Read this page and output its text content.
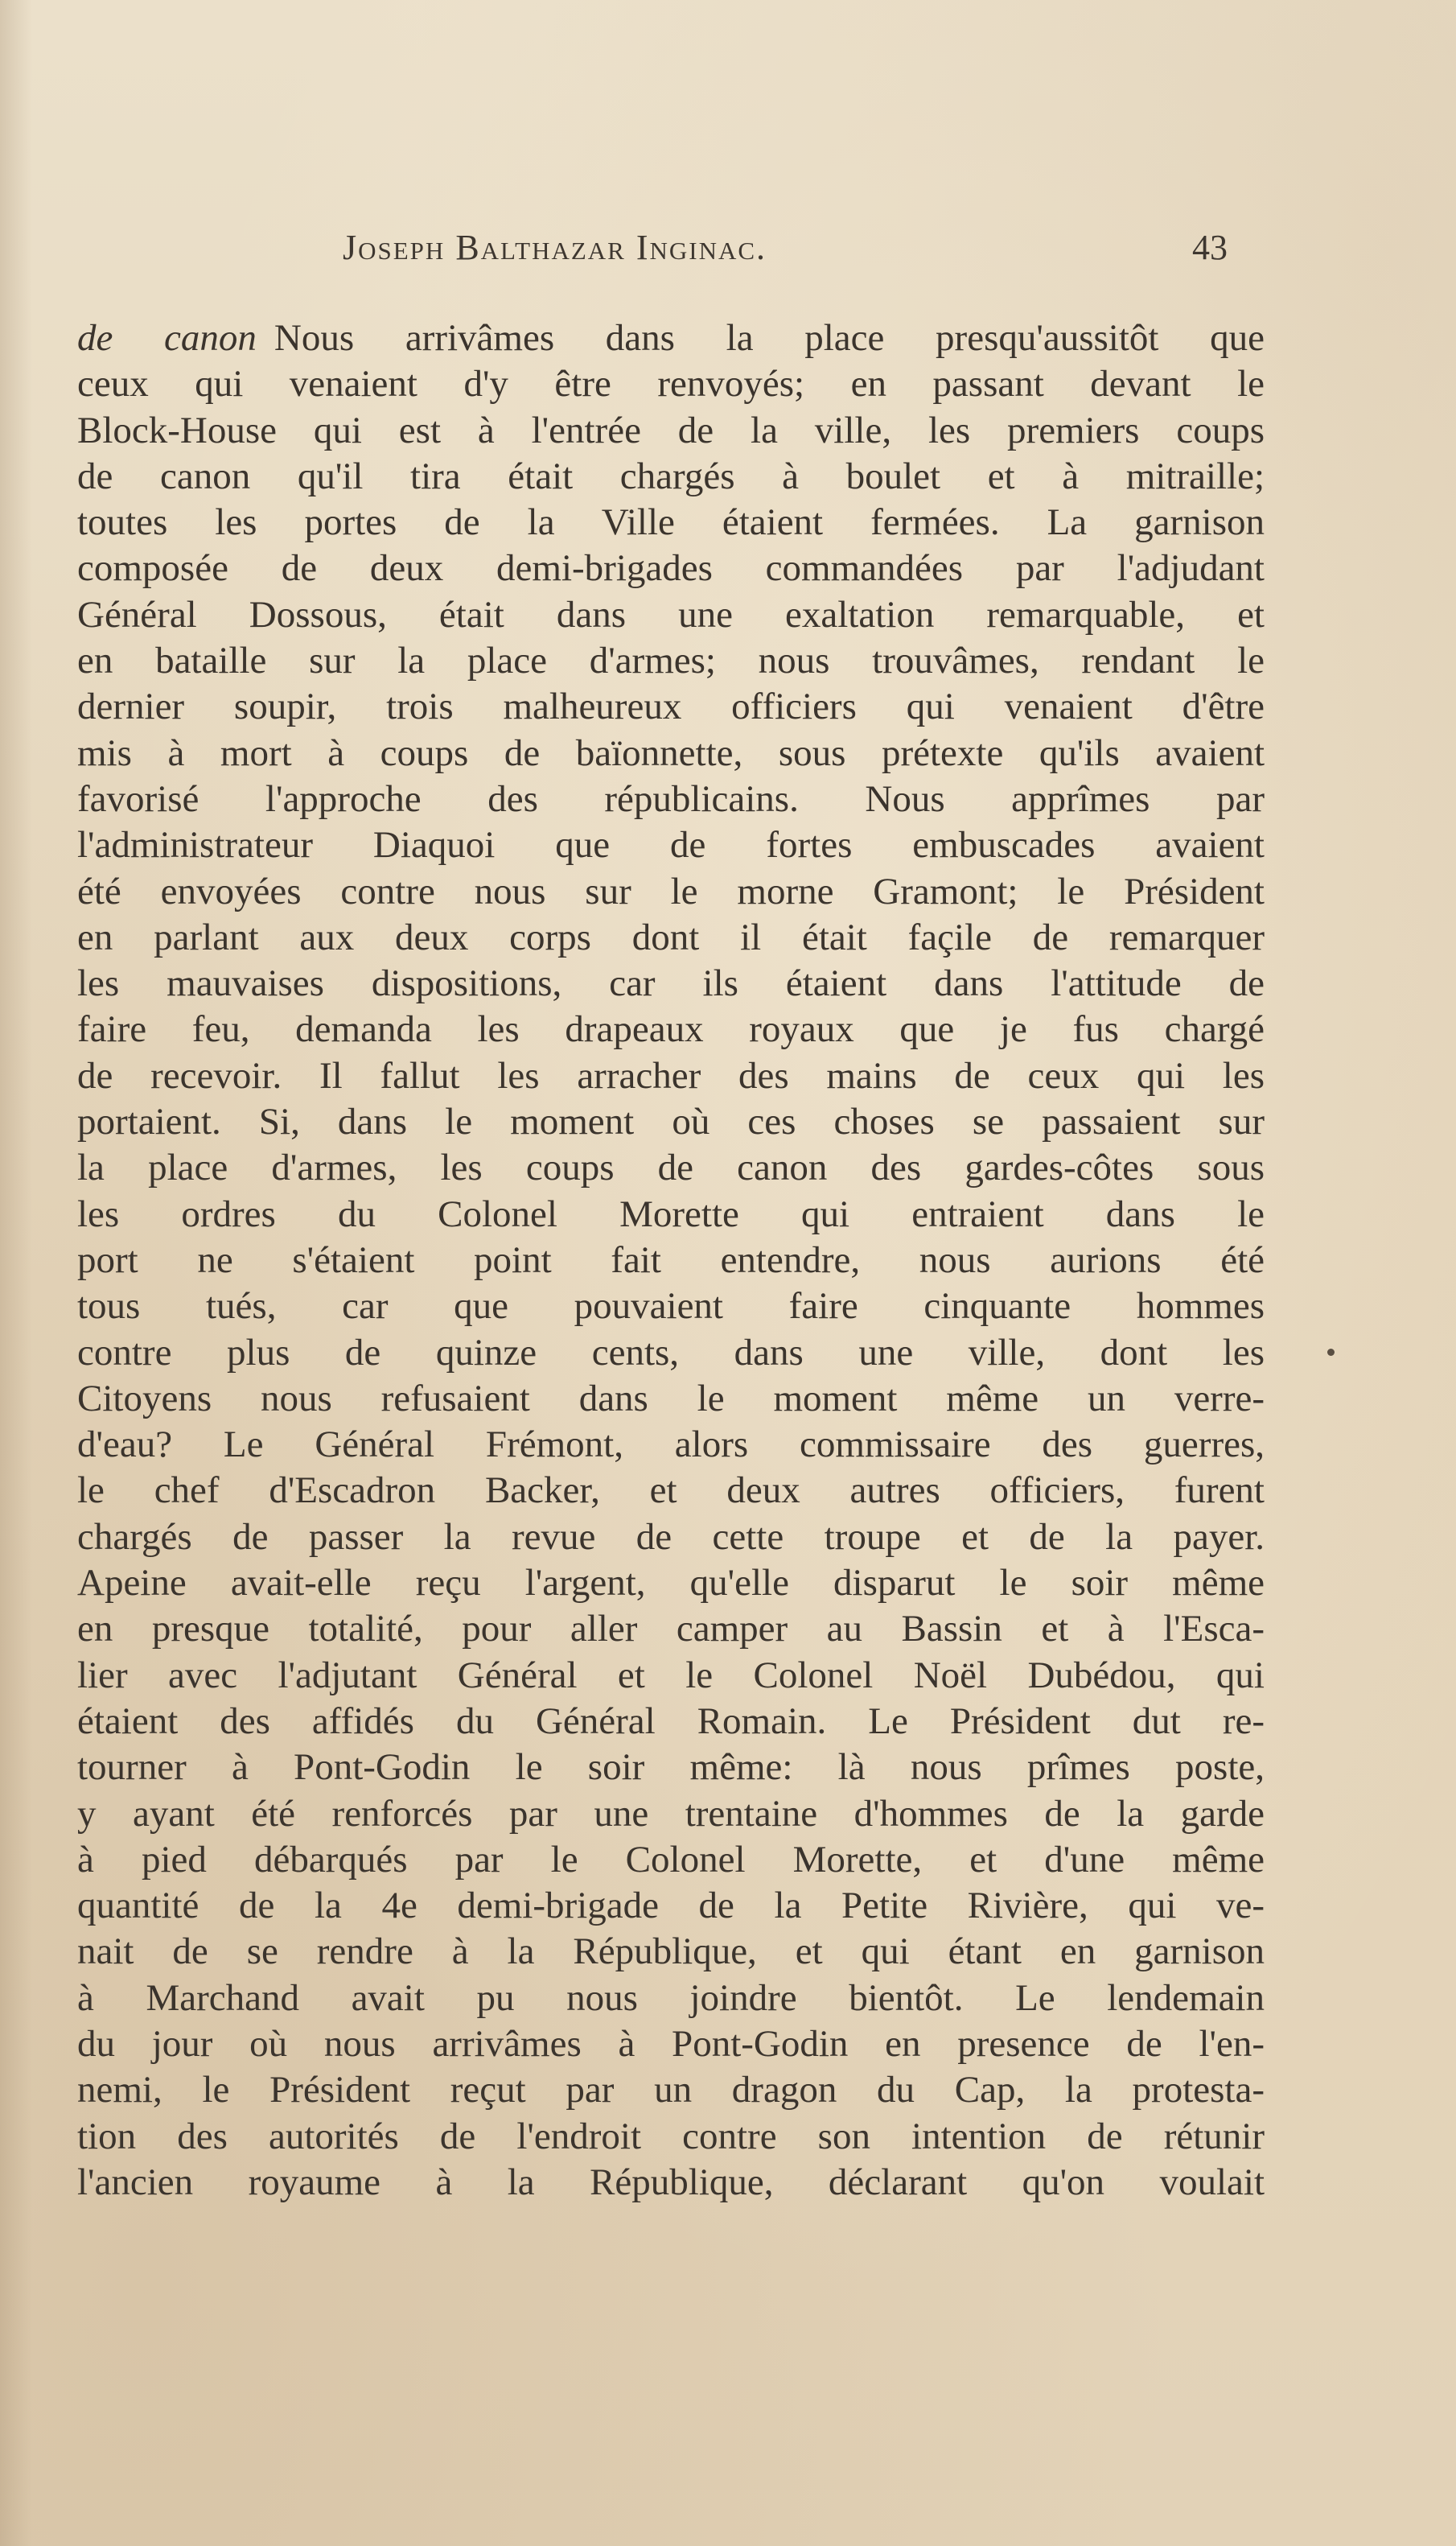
Joseph Balthazar Inginac.	43
de canon Nous arrivâmes dans la place presqu'aussitôt que
ceux qui venaient d'y être renvoyés; en passant devant le
Block-House qui est à l'entrée de la ville, les premiers coups
de canon qu'il tira était chargés à boulet et à mitraille;
toutes les portes de la Ville étaient fermées. La garnison
composée de deux demi-brigades commandées par l'adjudant
Général Dossous, était dans une exaltation remarquable, et
en bataille sur la place d'armes; nous trouvâmes, rendant le
dernier soupir, trois malheureux officiers qui venaient d'être
mis à mort à coups de baïonnette, sous prétexte qu'ils avaient
favorisé l'approche des républicains. Nous apprîmes par
l'administrateur Diaquoi que de fortes embuscades avaient
été envoyées contre nous sur le morne Gramont; le Président
en parlant aux deux corps dont il était façile de remarquer
les mauvaises dispositions, car ils étaient dans l'attitude de
faire feu, demanda les drapeaux royaux que je fus chargé
de recevoir. Il fallut les arracher des mains de ceux qui les
portaient. Si, dans le moment où ces choses se passaient sur
la place d'armes, les coups de canon des gardes-côtes sous
les ordres du Colonel Morette qui entraient dans le
port ne s'étaient point fait entendre, nous aurions été
tous tués, car que pouvaient faire cinquante hommes
contre plus de quinze cents, dans une ville, dont les
Citoyens nous refusaient dans le moment même un verre-
d'eau? Le Général Frémont, alors commissaire des guerres,
le chef d'Escadron Backer, et deux autres officiers, furent
chargés de passer la revue de cette troupe et de la payer.
Apeine avait-elle reçu l'argent, qu'elle disparut le soir même
en presque totalité, pour aller camper au Bassin et à l'Esca-
lier avec l'adjutant Général et le Colonel Noël Dubédou, qui
étaient des affidés du Général Romain. Le Président dut re-
tourner à Pont-Godin le soir même: là nous prîmes poste,
y ayant été renforcés par une trentaine d'hommes de la garde
à pied débarqués par le Colonel Morette, et d'une même
quantité de la 4e demi-brigade de la Petite Rivière, qui ve-
nait de se rendre à la République, et qui étant en garnison
à Marchand avait pu nous joindre bientôt. Le lendemain
du jour où nous arrivâmes à Pont-Godin en presence de l'en-
nemi, le Président reçut par un dragon du Cap, la protesta-
tion des autorités de l'endroit contre son intention de rétunir
l'ancien royaume à la République, déclarant qu'on voulait
